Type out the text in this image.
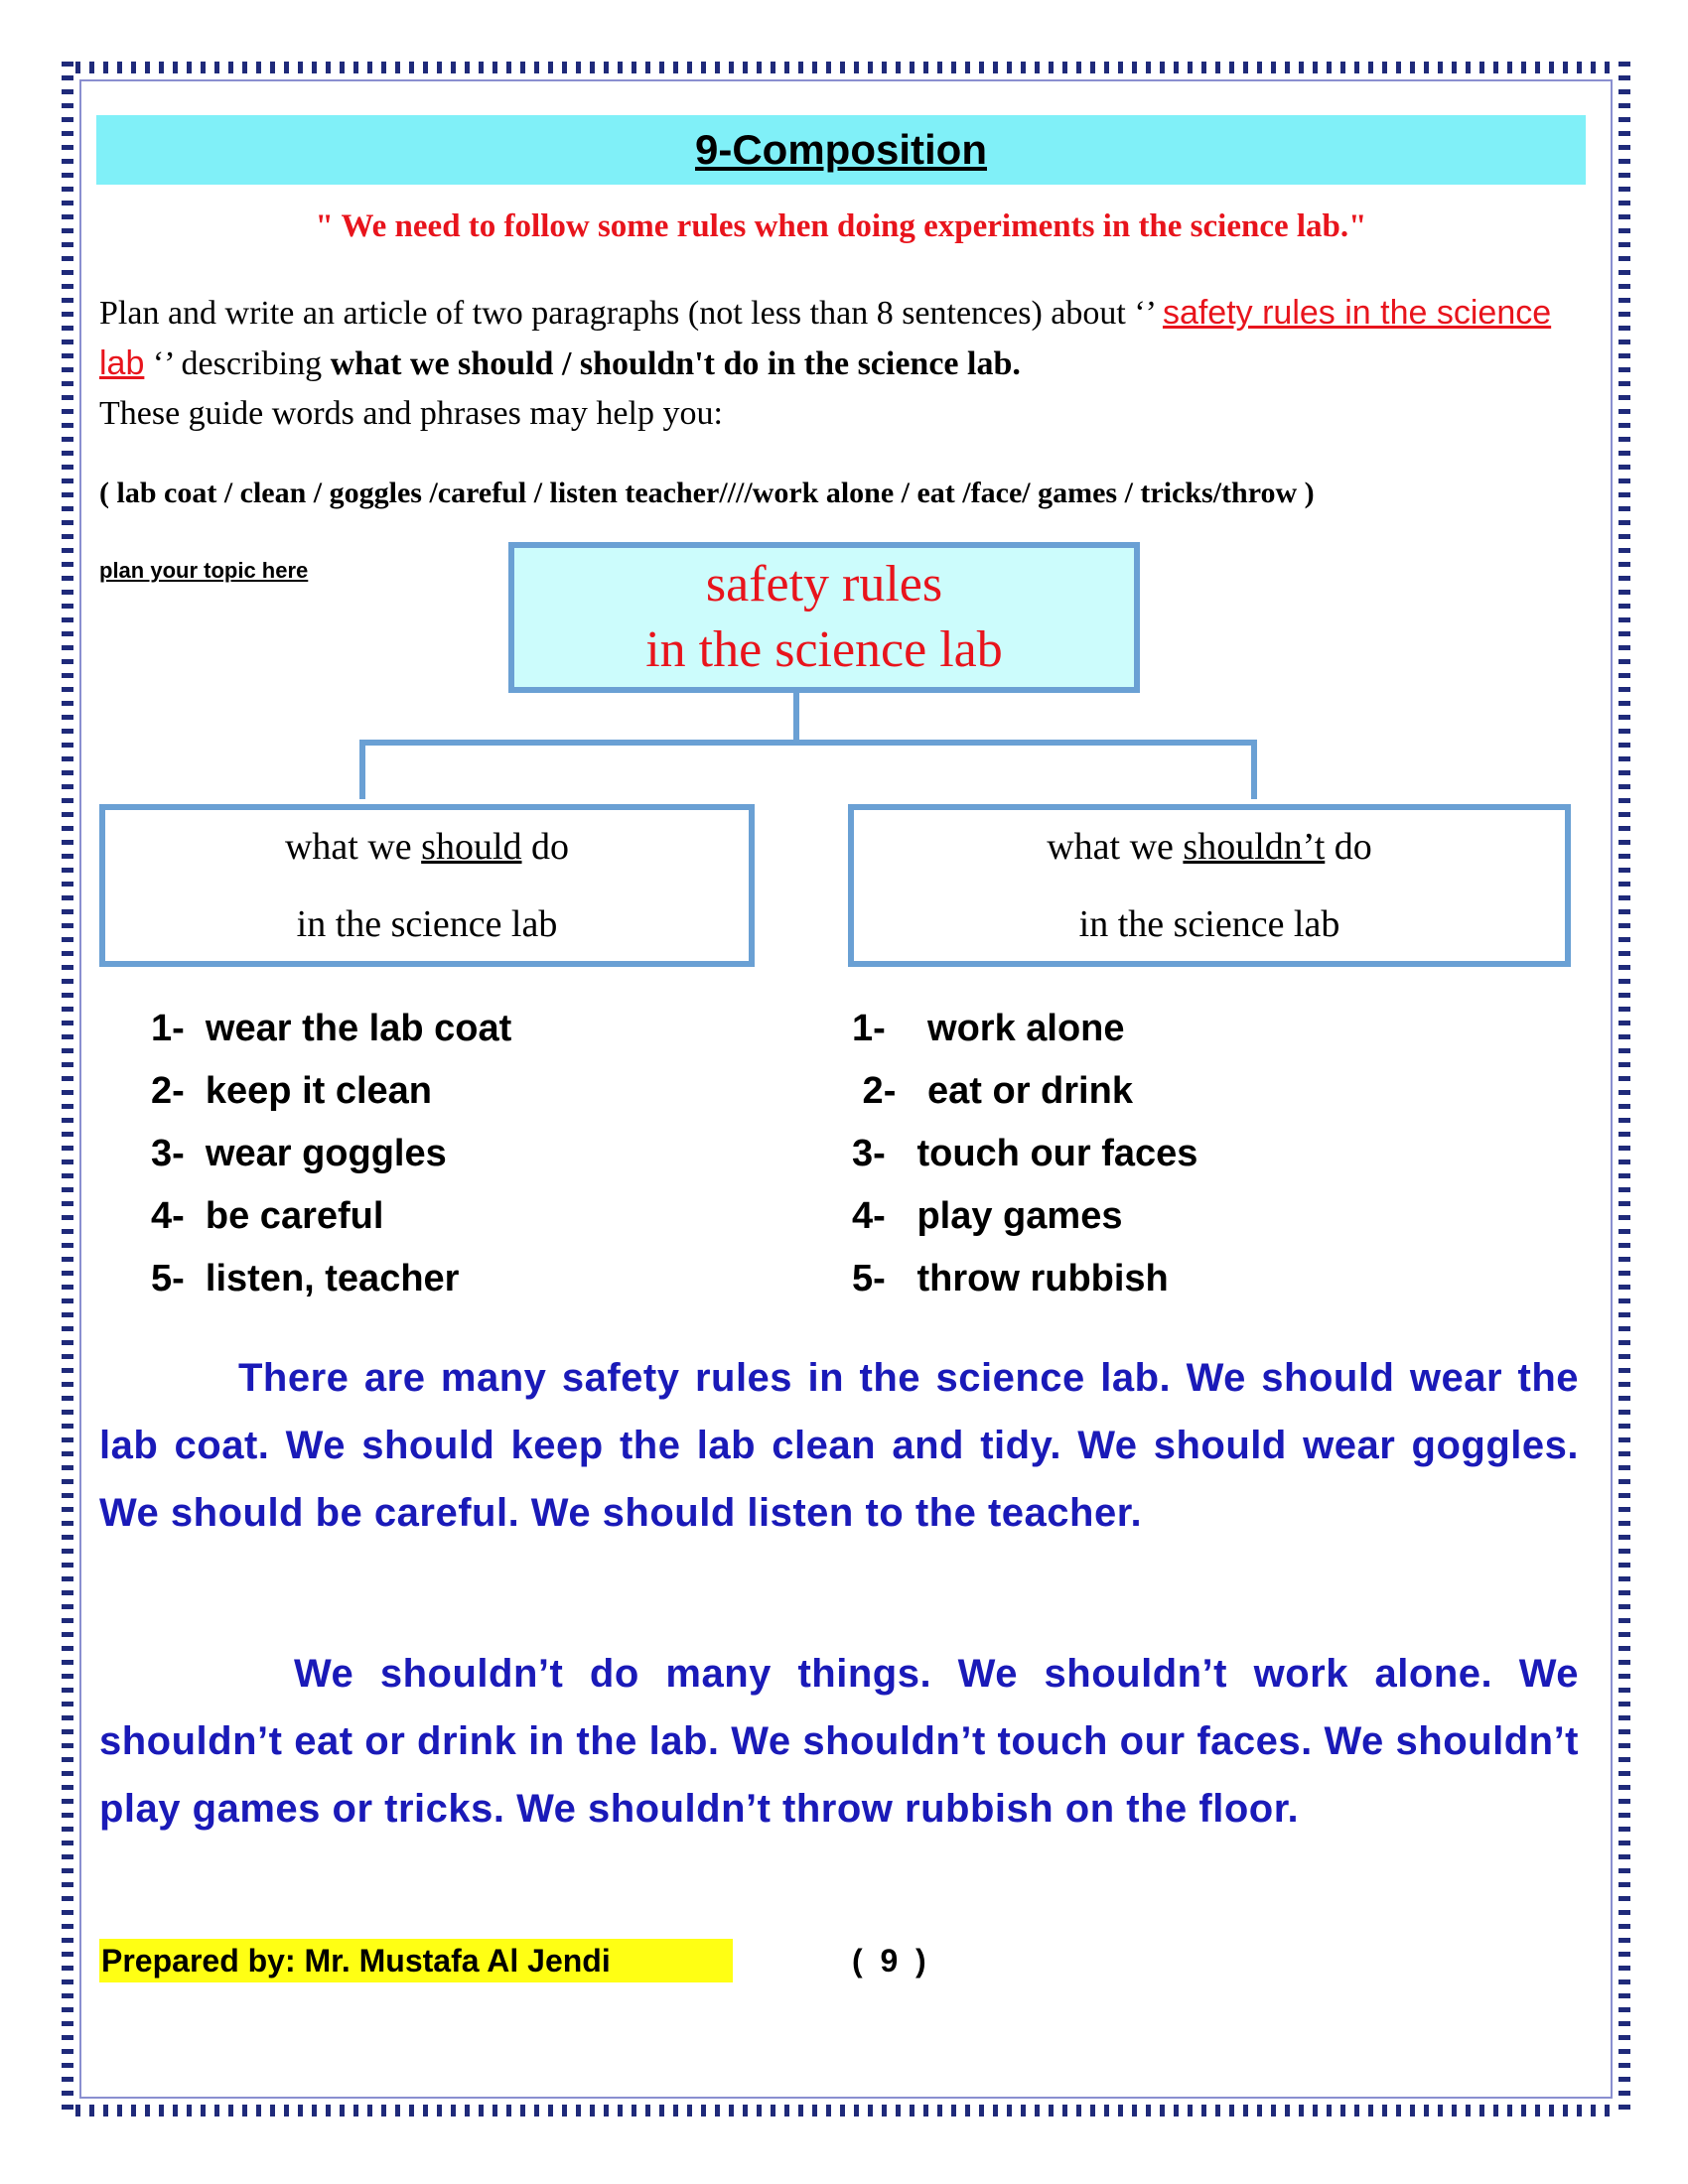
9-Composition
" We need to follow some rules when doing experiments in the science lab."
Plan and write an article of two paragraphs (not less than 8 sentences) about ‘’ safety rules in the science lab ‘’ describing what we should / shouldn't do in the science lab.
These guide words and phrases may help you:
( lab coat / clean / goggles /careful / listen teacher////work alone / eat /face/ games / tricks/throw )
plan your topic here	safety rules
in the science lab
what we should do
in the science lab
what we shouldn’t do
in the science lab
1-  wear the lab coat
2-  keep it clean
3-  wear goggles
4-  be careful
5-  listen, teacher
1-    work alone
2-   eat or drink
3-   touch our faces
4-   play games
5-   throw rubbish

There are many safety rules in the science lab. We should wear the lab coat. We should keep the lab clean and tidy. We should wear goggles. We should be careful. We should listen to the teacher.

We shouldn’t do many things. We shouldn’t work alone. We shouldn’t eat or drink in the lab. We shouldn’t touch our faces. We shouldn’t play games or tricks. We shouldn’t throw rubbish on the floor.

Prepared by: Mr. Mustafa Al Jendi	(  9  )
